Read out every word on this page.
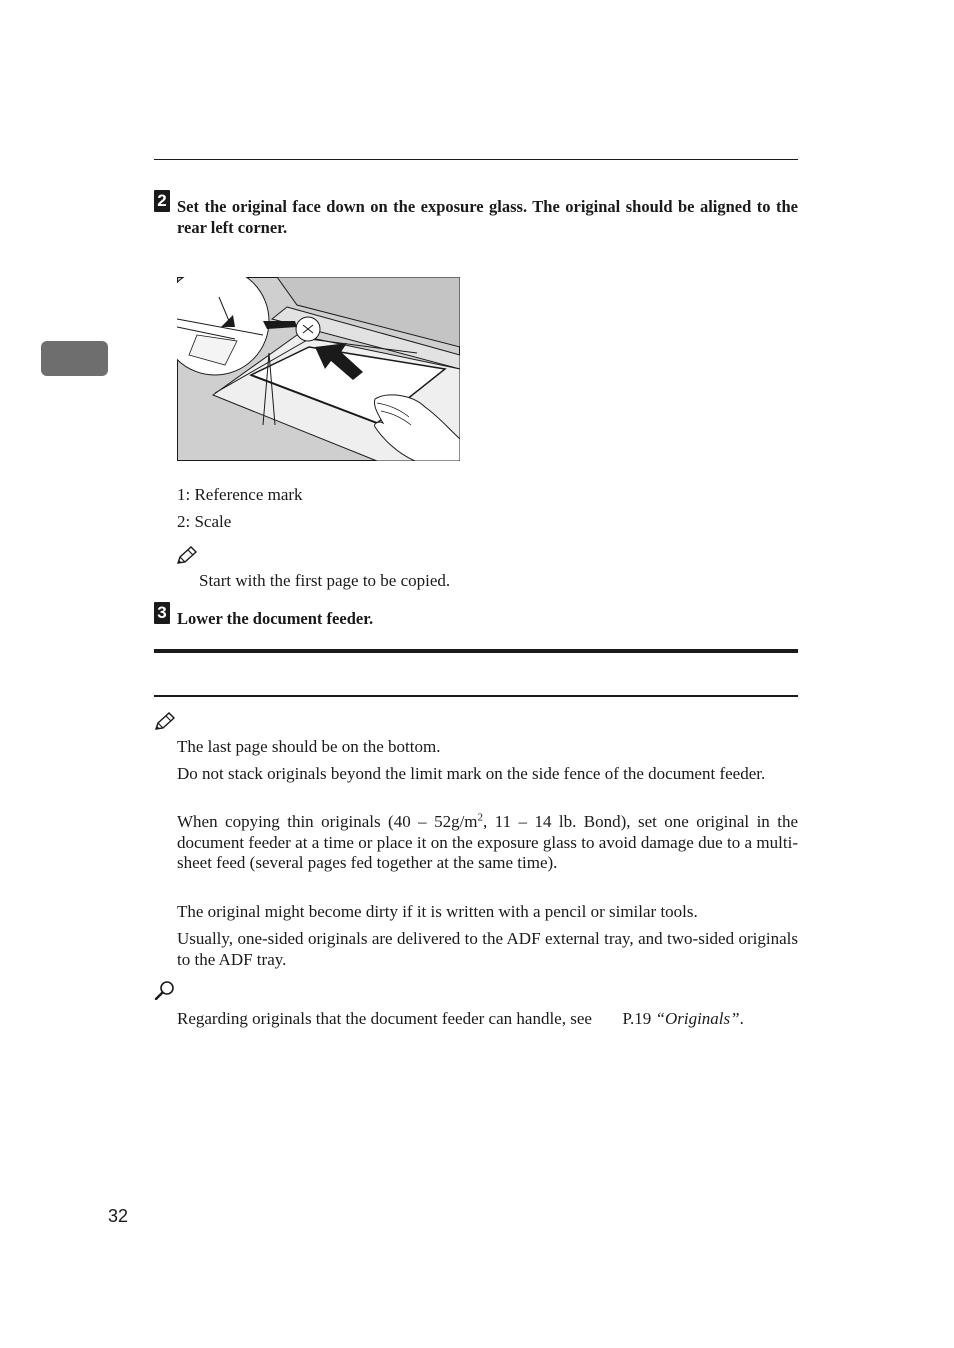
2 Set the original face down on the exposure glass. The original should be aligned to the rear left corner.
1: Reference mark
2: Scale
Start with the first page to be copied.
3 Lower the document feeder.
The last page should be on the bottom.
Do not stack originals beyond the limit mark on the side fence of the document feeder.
When copying thin originals ($40 - 52g/m^2$, 11 – 14 lb. Bond), set one original in the document feeder at a time or place it on the exposure glass to avoid damage due to a multi-sheet feed (several pages fed together at the same time).
The original might become dirty if it is written with a pencil or similar tools.
Usually, one-sided originals are delivered to the ADF external tray, and two-sided originals to the ADF tray.
Regarding originals that the document feeder can handle, see P.19 “Originals”.
32
